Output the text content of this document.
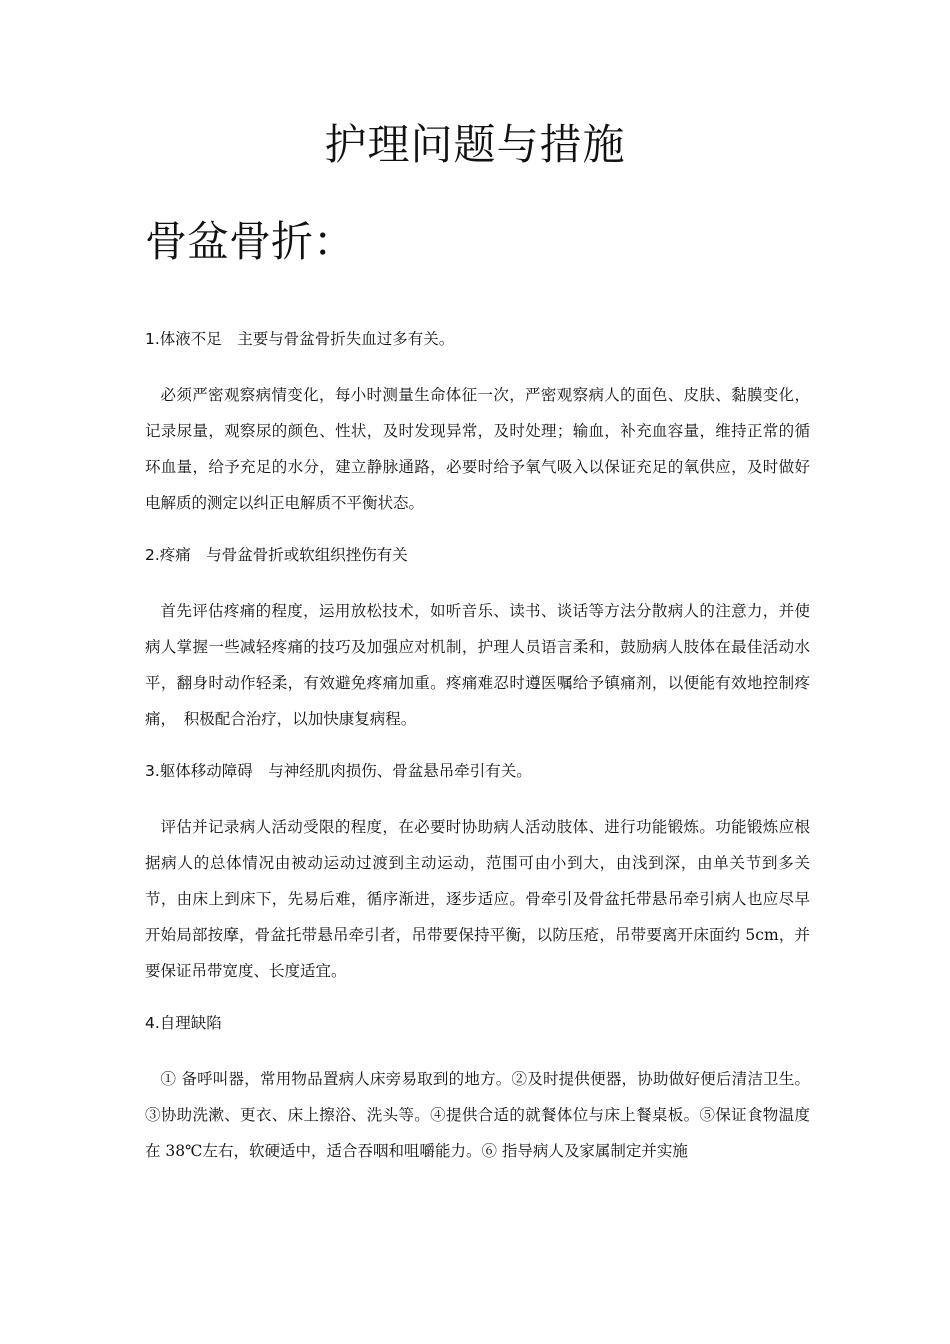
护理问题与措施
骨盆骨折：
1.体液不足　主要与骨盆骨折失血过多有关。
必须严密观察病情变化，每小时测量生命体征一次，严密观察病人的面色、皮肤、黏膜变化，记录尿量，观察尿的颜色、性状，及时发现异常，及时处理；输血，补充血容量，维持正常的循环血量，给予充足的水分，建立静脉通路，必要时给予氧气吸入以保证充足的氧供应，及时做好电解质的测定以纠正电解质不平衡状态。
2.疼痛　与骨盆骨折或软组织挫伤有关
首先评估疼痛的程度，运用放松技术，如听音乐、读书、谈话等方法分散病人的注意力，并使病人掌握一些减轻疼痛的技巧及加强应对机制，护理人员语言柔和，鼓励病人肢体在最佳活动水平，翻身时动作轻柔，有效避免疼痛加重。疼痛难忍时遵医嘱给予镇痛剂，以便能有效地控制疼痛，　积极配合治疗，以加快康复病程。
3.躯体移动障碍　与神经肌肉损伤、骨盆悬吊牵引有关。
评估并记录病人活动受限的程度，在必要时协助病人活动肢体、进行功能锻炼。功能锻炼应根据病人的总体情况由被动运动过渡到主动运动，范围可由小到大，由浅到深，由单关节到多关节，由床上到床下，先易后难，循序渐进，逐步适应。骨牵引及骨盆托带悬吊牵引病人也应尽早开始局部按摩，骨盆托带悬吊牵引者，吊带要保持平衡，以防压疮，吊带要离开床面约 5cm，并要保证吊带宽度、长度适宜。
4.自理缺陷
① 备呼叫器，常用物品置病人床旁易取到的地方。②及时提供便器，协助做好便后清洁卫生。③协助洗漱、更衣、床上擦浴、洗头等。④提供合适的就餐体位与床上餐桌板。⑤保证食物温度在 38℃左右，软硬适中，适合吞咽和咀嚼能力。⑥ 指导病人及家属制定并实施
